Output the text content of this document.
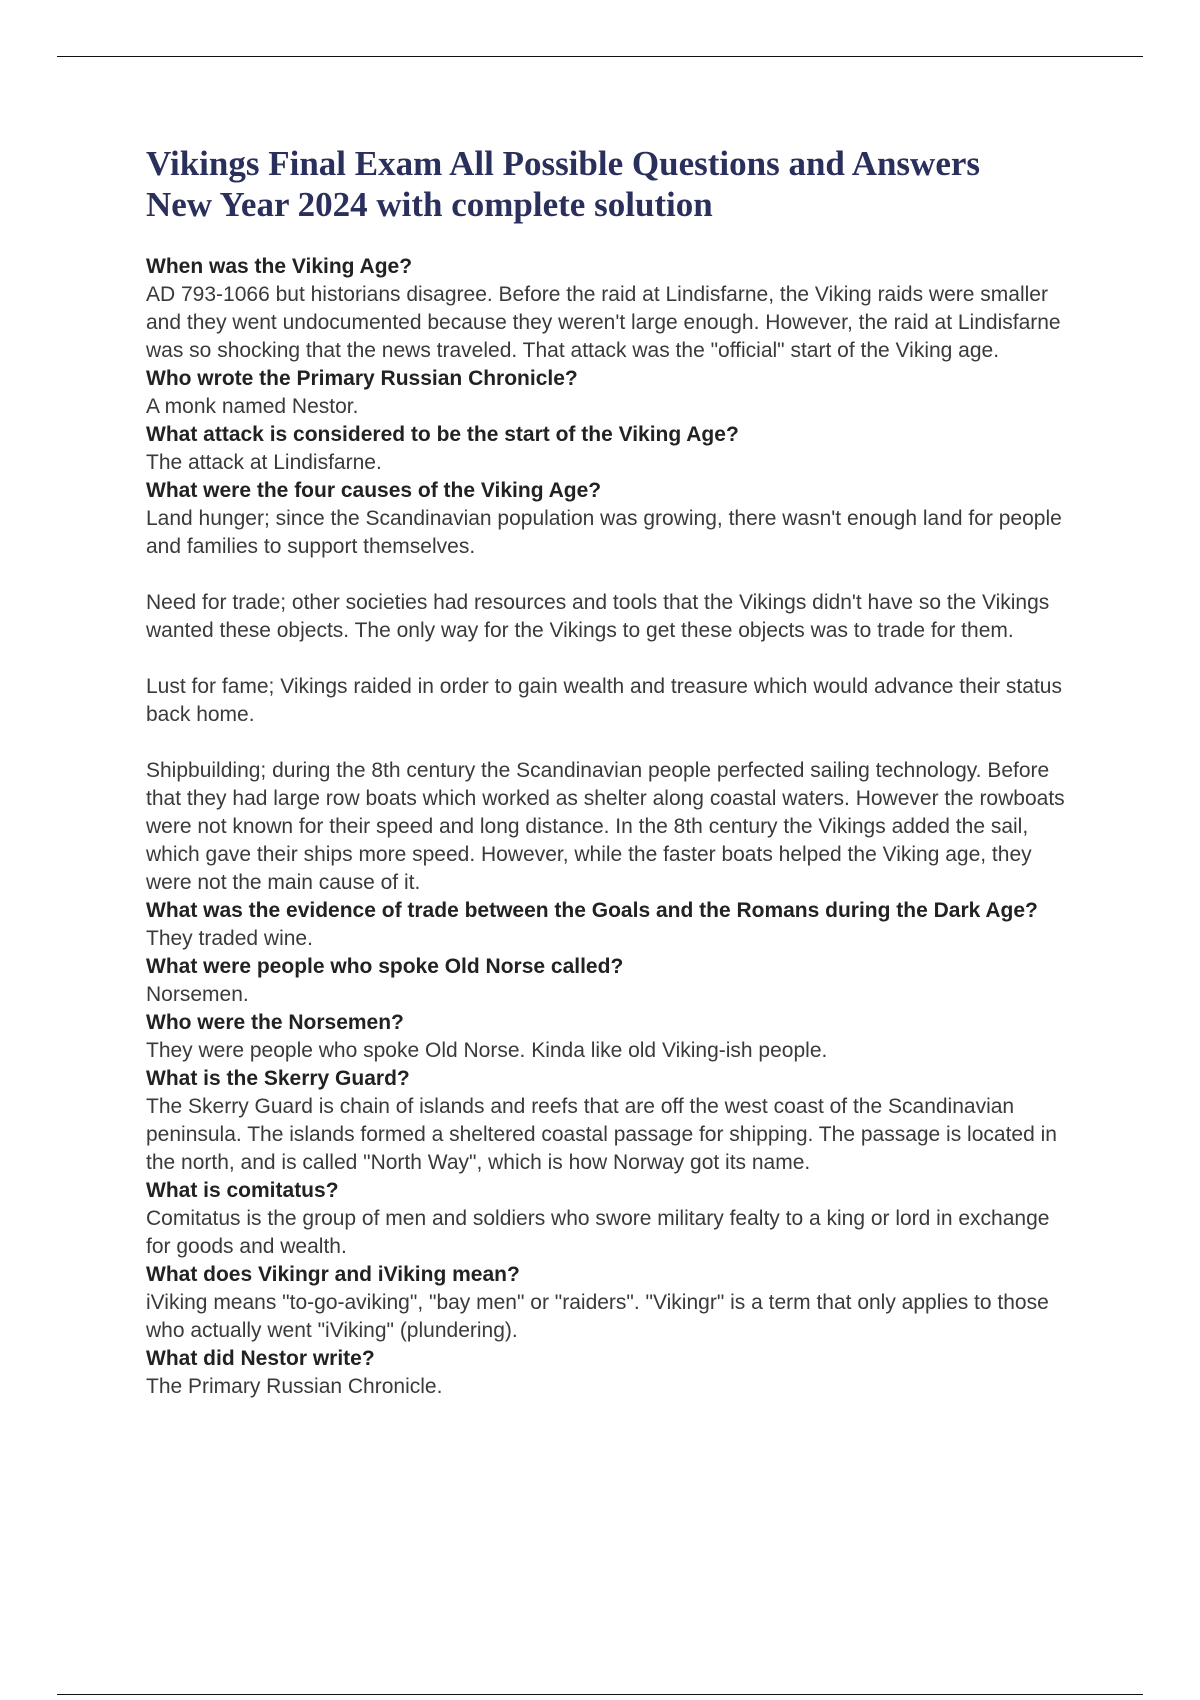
Vikings Final Exam All Possible Questions and Answers
New Year 2024 with complete solution

When was the Viking Age?

AD 793-1066 but historians disagree. Before the raid at Lindisfarne, the Viking raids were smaller and they went undocumented because they weren't large enough. However, the raid at Lindisfarne was so shocking that the news traveled. That attack was the "official" start of the Viking age.

Who wrote the Primary Russian Chronicle?

A monk named Nestor.

What attack is considered to be the start of the Viking Age?

The attack at Lindisfarne.

What were the four causes of the Viking Age?

Land hunger; since the Scandinavian population was growing, there wasn't enough land for people and families to support themselves.

Need for trade; other societies had resources and tools that the Vikings didn't have so the Vikings wanted these objects. The only way for the Vikings to get these objects was to trade for them.

Lust for fame; Vikings raided in order to gain wealth and treasure which would advance their status back home.

Shipbuilding; during the 8th century the Scandinavian people perfected sailing technology. Before that they had large row boats which worked as shelter along coastal waters. However the rowboats were not known for their speed and long distance. In the 8th century the Vikings added the sail, which gave their ships more speed. However, while the faster boats helped the Viking age, they were not the main cause of it.

What was the evidence of trade between the Goals and the Romans during the Dark Age?

They traded wine.

What were people who spoke Old Norse called?

Norsemen.

Who were the Norsemen?

They were people who spoke Old Norse. Kinda like old Viking-ish people.

What is the Skerry Guard?

The Skerry Guard is chain of islands and reefs that are off the west coast of the Scandinavian peninsula. The islands formed a sheltered coastal passage for shipping. The passage is located in the north, and is called "North Way", which is how Norway got its name.

What is comitatus?

Comitatus is the group of men and soldiers who swore military fealty to a king or lord in exchange for goods and wealth.

What does Vikingr and iViking mean?

iViking means "to-go-aviking", "bay men" or "raiders". "Vikingr" is a term that only applies to those who actually went "iViking" (plundering).

What did Nestor write?

The Primary Russian Chronicle.
